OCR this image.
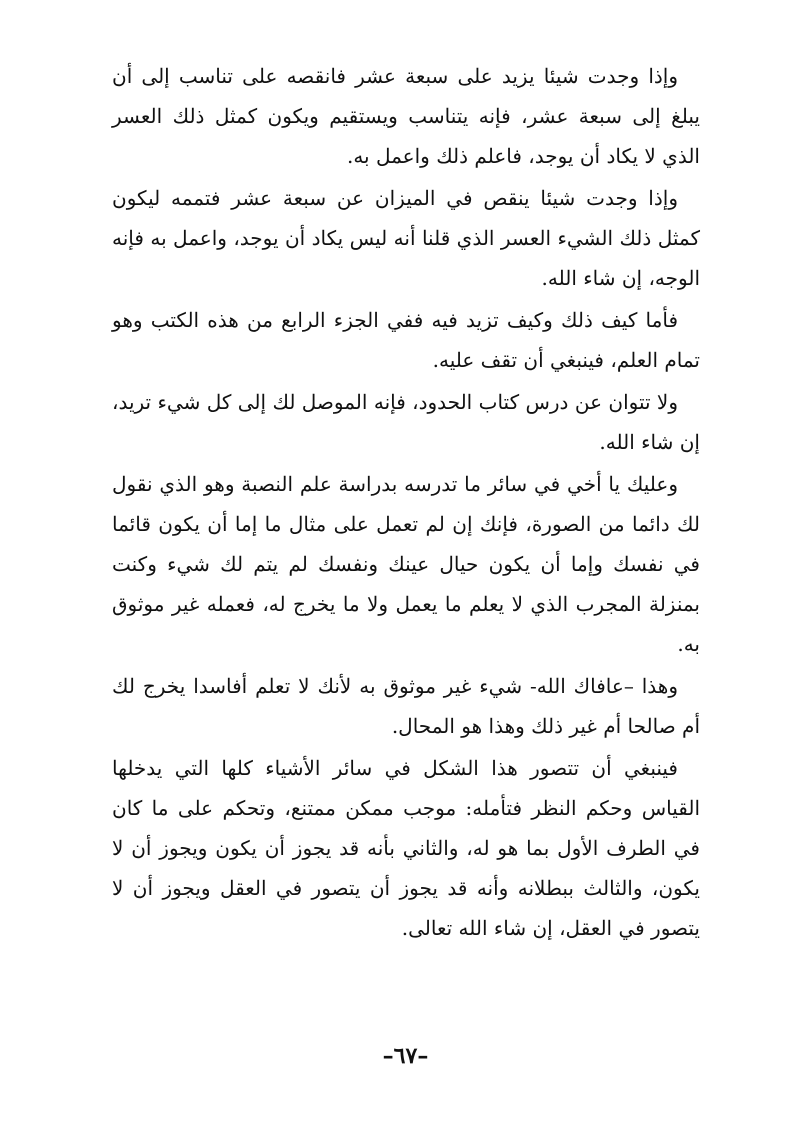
وإذا وجدت شيئا يزيد على سبعة عشر فانقصه على تناسب إلى أن يبلغ إلى سبعة عشر، فإنه يتناسب ويستقيم ويكون كمثل ذلك العسر الذي لا يكاد أن يوجد، فاعلم ذلك واعمل به.

وإذا وجدت شيئا ينقص في الميزان عن سبعة عشر فتممه ليكون كمثل ذلك الشيء العسر الذي قلنا أنه ليس يكاد أن يوجد، واعمل به فإنه الوجه، إن شاء الله.

فأما كيف ذلك وكيف تزيد فيه ففي الجزء الرابع من هذه الكتب وهو تمام العلم، فينبغي أن تقف عليه.

ولا تتوان عن درس كتاب الحدود، فإنه الموصل لك إلى كل شيء تريد، إن شاء الله.

وعليك يا أخي في سائر ما تدرسه بدراسة علم النصبة وهو الذي نقول لك دائما من الصورة، فإنك إن لم تعمل على مثال ما إما أن يكون قائما في نفسك وإما أن يكون حيال عينك ونفسك لم يتم لك شيء وكنت بمنزلة المجرب الذي لا يعلم ما يعمل ولا ما يخرج له، فعمله غير موثوق به.

وهذا –عافاك الله- شيء غير موثوق به لأنك لا تعلم أفاسدا يخرج لك أم صالحا أم غير ذلك وهذا هو المحال.

فينبغي أن تتصور هذا الشكل في سائر الأشياء كلها التي يدخلها القياس وحكم النظر فتأمله: موجب ممكن ممتنع، وتحكم على ما كان في الطرف الأول بما هو له، والثاني بأنه قد يجوز أن يكون ويجوز أن لا يكون، والثالث ببطلانه وأنه قد يجوز أن يتصور في العقل ويجوز أن لا يتصور في العقل، إن شاء الله تعالى.

–٦٧–
